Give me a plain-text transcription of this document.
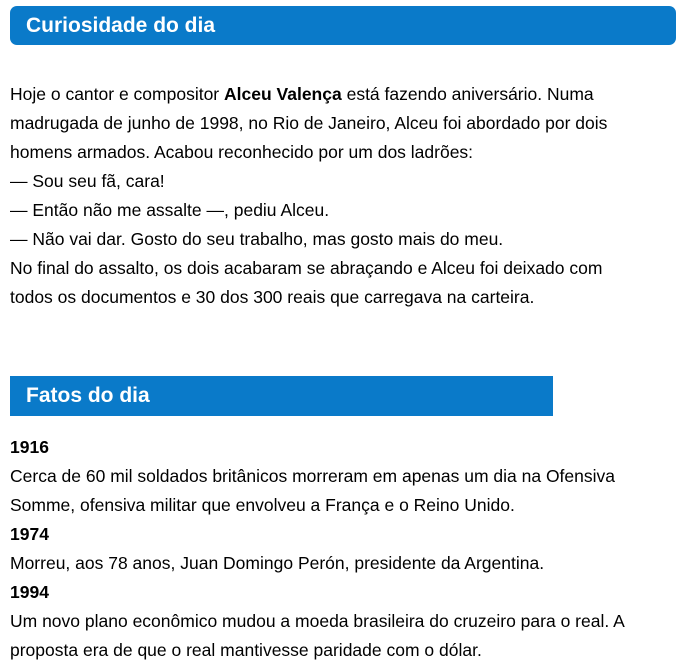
Curiosidade do dia
Hoje o cantor e compositor Alceu Valença está fazendo aniversário. Numa
madrugada de junho de 1998, no Rio de Janeiro, Alceu foi abordado por dois
homens armados. Acabou reconhecido por um dos ladrões:
— Sou seu fã, cara!
— Então não me assalte —, pediu Alceu.
— Não vai dar. Gosto do seu trabalho, mas gosto mais do meu.
No final do assalto, os dois acabaram se abraçando e Alceu foi deixado com
todos os documentos e 30 dos 300 reais que carregava na carteira.
Fatos do dia
1916
Cerca de 60 mil soldados britânicos morreram em apenas um dia na Ofensiva
Somme, ofensiva militar que envolveu a França e o Reino Unido.
1974
Morreu, aos 78 anos, Juan Domingo Perón, presidente da Argentina.
1994
Um novo plano econômico mudou a moeda brasileira do cruzeiro para o real. A
proposta era de que o real mantivesse paridade com o dólar.
